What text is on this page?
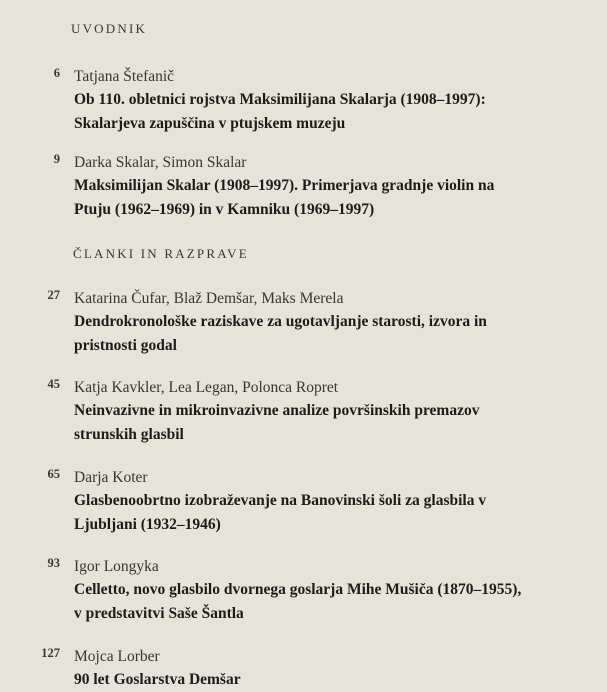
UVODNIK
6 Tatjana Štefanič
Ob 110. obletnici rojstva Maksimilijana Skalarja (1908–1997):
Skalarjeva zapuščina v ptujskem muzeju
9 Darka Skalar, Simon Skalar
Maksimilijan Skalar (1908–1997). Primerjava gradnje violin na
Ptuju (1962–1969) in v Kamniku (1969–1997)
ČLANKI IN RAZPRAVE
27 Katarina Čufar, Blaž Demšar, Maks Merela
Dendrokronološke raziskave za ugotavljanje starosti, izvora in
pristnosti godal
45 Katja Kavkler, Lea Legan, Polonca Ropret
Neinvazivne in mikroinvazivne analize površinskih premazov
strunskih glasbil
65 Darja Koter
Glasbenoobrtno izobraževanje na Banovinski šoli za glasbila v
Ljubljani (1932–1946)
93 Igor Longyka
Celletto, novo glasbilo dvornega goslarja Mihe Mušiča (1870–1955),
v predstavitvi Saše Šantla
127 Mojca Lorber
90 let Goslarstva Demšar
